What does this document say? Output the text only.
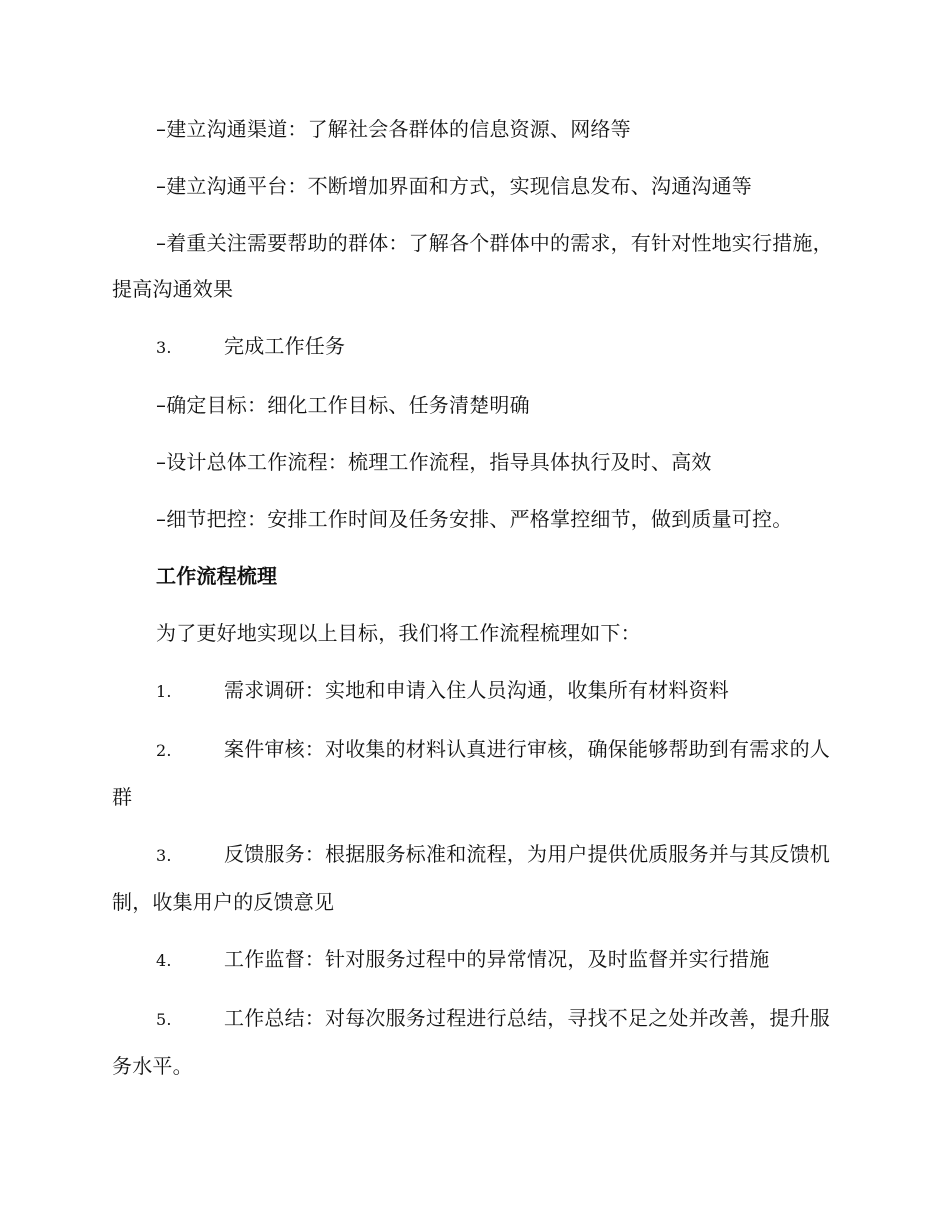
–建立沟通渠道：了解社会各群体的信息资源、网络等

–建立沟通平台：不断增加界面和方式，实现信息发布、沟通沟通等

–着重关注需要帮助的群体：了解各个群体中的需求，有针对性地实行措施，提高沟通效果

3.	完成工作任务

–确定目标：细化工作目标、任务清楚明确

–设计总体工作流程：梳理工作流程，指导具体执行及时、高效

–细节把控：安排工作时间及任务安排、严格掌控细节，做到质量可控。

工作流程梳理

为了更好地实现以上目标，我们将工作流程梳理如下：

1.	需求调研：实地和申请入住人员沟通，收集所有材料资料

2.	案件审核：对收集的材料认真进行审核，确保能够帮助到有需求的人群

3.	反馈服务：根据服务标准和流程，为用户提供优质服务并与其反馈机制，收集用户的反馈意见

4.	工作监督：针对服务过程中的异常情况，及时监督并实行措施

5.	工作总结：对每次服务过程进行总结，寻找不足之处并改善，提升服务水平。
